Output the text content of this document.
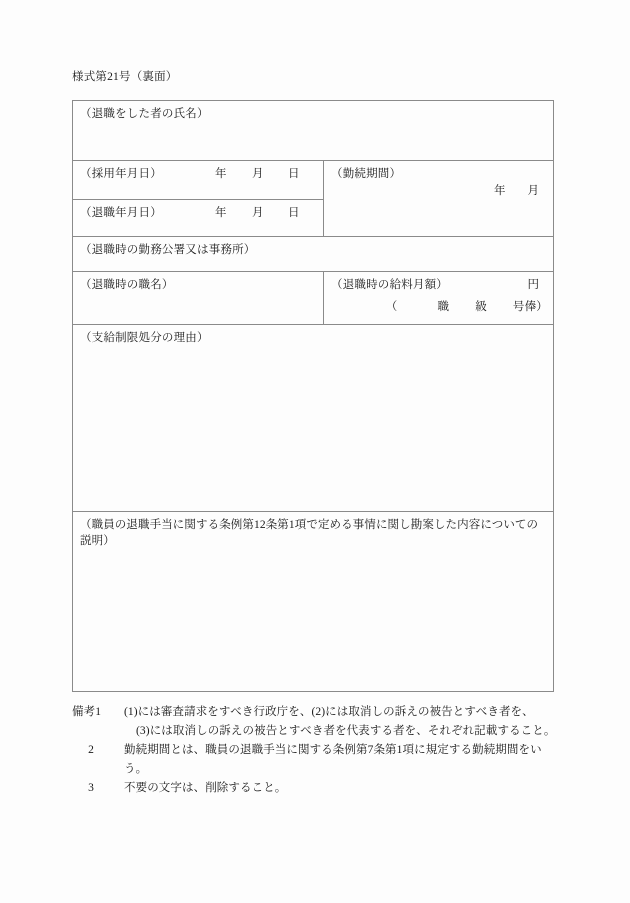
様式第21号（裏面）
（退職をした者の氏名）	

（採用年月日） 年 月 日	（勤続期間）
年 月

（退職年月日） 年 月 日	

（退職時の勤務公署又は事務所）	

（退職時の職名）	（退職時の給料月額） 円
（ 職 級 号俸）

（支給制限処分の理由）	

（職員の退職手当に関する条例第12条第1項で定める事情に関し勘案した内容についての説明）	
備考1	(1)には審査請求をすべき行政庁を、(2)には取消しの訴えの被告とすべき者を、
(3)には取消しの訴えの被告とすべき者を代表する者を、それぞれ記載すること。
2	勤続期間とは、職員の退職手当に関する条例第7条第1項に規定する勤続期間をい
う。
3	不要の文字は、削除すること。
